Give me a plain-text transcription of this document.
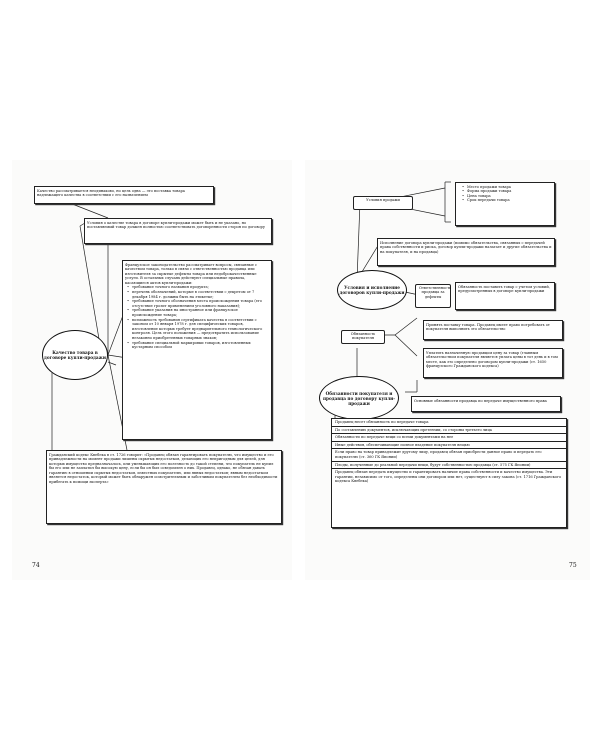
Качество рассматривается неодинаково, но цель одна — это поставка товара надлежащего качества в соответствии с его назначением

Условия о качестве товара в договоре купли-продажи может быть и не указано, но поставляемый товар должен полностью соответствовать договоренности сторон по договору

Французское законодательство рассматривает вопросы, связанные с качеством товара, только в связи с ответственностью продавца или изготовителя за скрытые дефекты товара или недоброкачественные услуги. В остальных случаях действуют специальные правила, касающиеся актов купли-продажи:

• требование точного названия продукта;
• перечень обозначений, которые в соответствии с декретом от 7 декабря 1984 г. должны быть на этикетке;
• требование точного обозначения места происхождения товара (его отсутствие грозит применением уголовного наказания);
• требование указания на иностранное или французское происхождение товара;
• возможность требования сертификата качества в соответствии с законом от 10 января 1978 г. для специфических товаров, изготовление которых требует предварительного технологического контроля. Цель этого положения — предотвратить использование незаконно приобретенных товарных знаков;
• требование специальной маркировки товаров, изготовленных кустарным способом
Качество товара в договоре купли-продажи

Гражданский кодекс Квебека в ст. 1726 говорит: «Продавец обязан гарантировать покупателю, что имущество и его принадлежности на момент продажи лишены скрытых недостатков, делающих его непригодным для целей, для которых имущество предназначалось, или уменьшающих его полезность до такой степени, что покупатель не купил бы его или не заплатил бы высокую цену, если бы он был осведомлен о них. Продавец, однако, не обязан давать гарантию в отношении скрытых недостатков, известных покупателю, или явных недостатков; явным недостатком является недостаток, который может быть обнаружен осмотрительным и заботливым покупателем без необходимости прибегать к помощи эксперта»

74
Условия продажи
• Место продажи товара
• Форма продажи товара
• Цена товара
• Срок передачи товара

Исполнение договора купли-продажи (помимо обязательства, связанных с передачей права собственности и риска, договор купли-продажи налагает и другие обязательства и на покупателя, и на продавца)

Условия и исполнение договоров купли-продажи
Ответственность продавца за дефекты

Обязанность поставить товар с учетом условий, предусмотренных в договоре купли-продажи

Принять поставку товара. Продавец имеет право потребовать от покупателя выполнить это обязательство

Обязанность покупателя

Уплатить назначенную продавцом цену за товар (главным обязательством покупателя является уплата цены в тот день и в том месте, как это определено договором купли-продажи (ст. 1650 французского Гражданского кодекса)

Обязанности покупателя и продавца по договору купли-продажи	Основные обязанности продавца по передаче имущественного права

Продавец несет обязанность по передаче товара
По составлению документов, исключающих претензии, со стороны третьего лица
Обязанности по передаче вещи со всеми документами на нее
Иные действия, обеспечивающие полное владение покупателя вещью
Если право на товар принадлежит другому лицу, продавец обязан приобрести данное право и передать его покупателю (ст. 360 ГК Японии)
Плоды, полученные до реальной передачи вещи, будут собственностью продавца (ст. 575 ГК Японии)
Продавец обязан передать имущество и гарантировать наличие права собственности и качество имущества. Эти гарантии, независимо от того, определены они договором или нет, существуют в силу закона (ст. 1716 Гражданского кодекса Квебека)
75
